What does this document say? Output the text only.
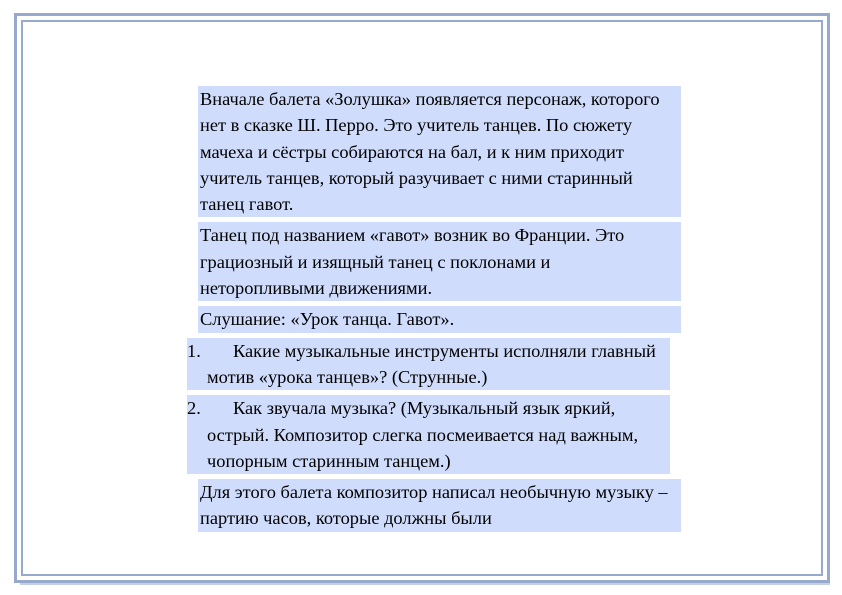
Вначале балета «Золушка» появляется персонаж, которого нет в сказке Ш. Перро. Это учитель танцев. По сюжету мачеха и сёстры собираются на бал, и к ним приходит учитель танцев, который разучивает с ними старинный танец гавот.

Танец под названием «гавот» возник во Франции. Это грациозный и изящный танец с поклонами и неторопливыми движениями.

Слушание: «Урок танца. Гавот».

1. Какие музыкальные инструменты исполняли главный мотив «урока танцев»? (Струнные.)
2. Как звучала музыка? (Музыкальный язык яркий, острый. Композитор слегка посмеивается над важным, чопорным старинным танцем.)

Для этого балета композитор написал необычную музыку – партию часов, которые должны были
